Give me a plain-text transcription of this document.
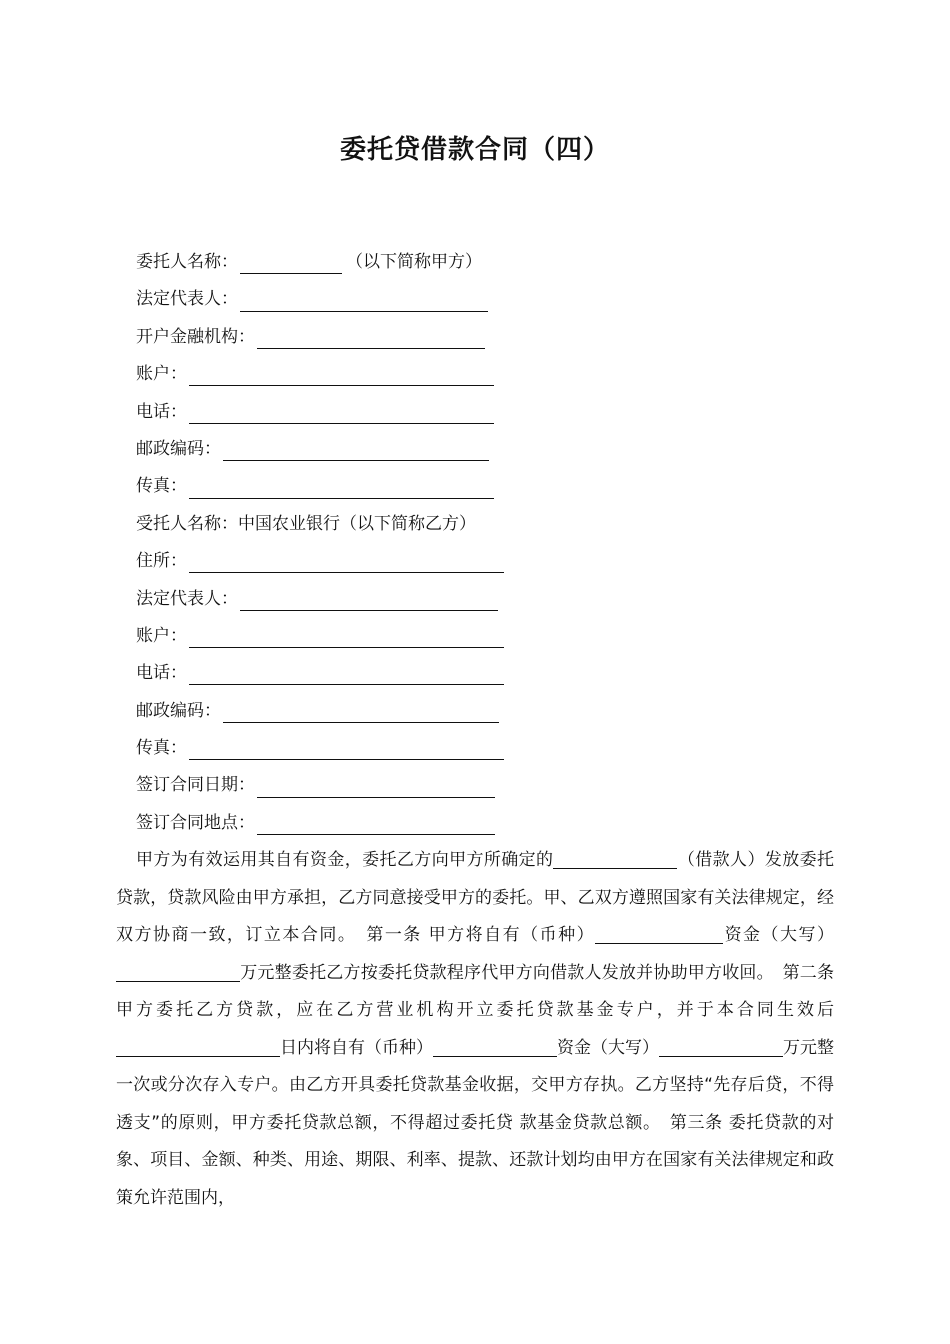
委托贷借款合同（四）
委托人名称：	（以下简称甲方）
法定代表人：
开户金融机构：
账户：
电话：
邮政编码：
传真：
受托人名称：中国农业银行（以下简称乙方）
住所：
法定代表人：
账户：
电话：
邮政编码：
传真：
签订合同日期：
签订合同地点：
甲方为有效运用其自有资金，委托乙方向甲方所确定的	（借款人）发放委托贷款，贷款风险由甲方承担，乙方同意接受甲方的委托。甲、乙双方遵照国家有关法律规定，经双方协商一致，订立本合同。　第一条 甲方将自有（币种）	资金（大写）万元整委托乙方按委托贷款程序代甲方向借款人发放并协助甲方收回。　第二条 甲方委托乙方贷款，应在乙方营业机构开立委托贷款基金专户，并于本合同生效后日内将自有（币种）	资金（大写）	万元整一次或分次存入专户。由乙方开具委托贷款基金收据，交甲方存执。乙方坚持“先存后贷，不得透支”的原则，甲方委托贷款总额，不得超过委托贷 款基金贷款总额。　第三条 委托贷款的对象、项目、金额、种类、用途、期限、利率、提款、还款计划均由甲方在国家有关法律规定和政策允许范围内，
